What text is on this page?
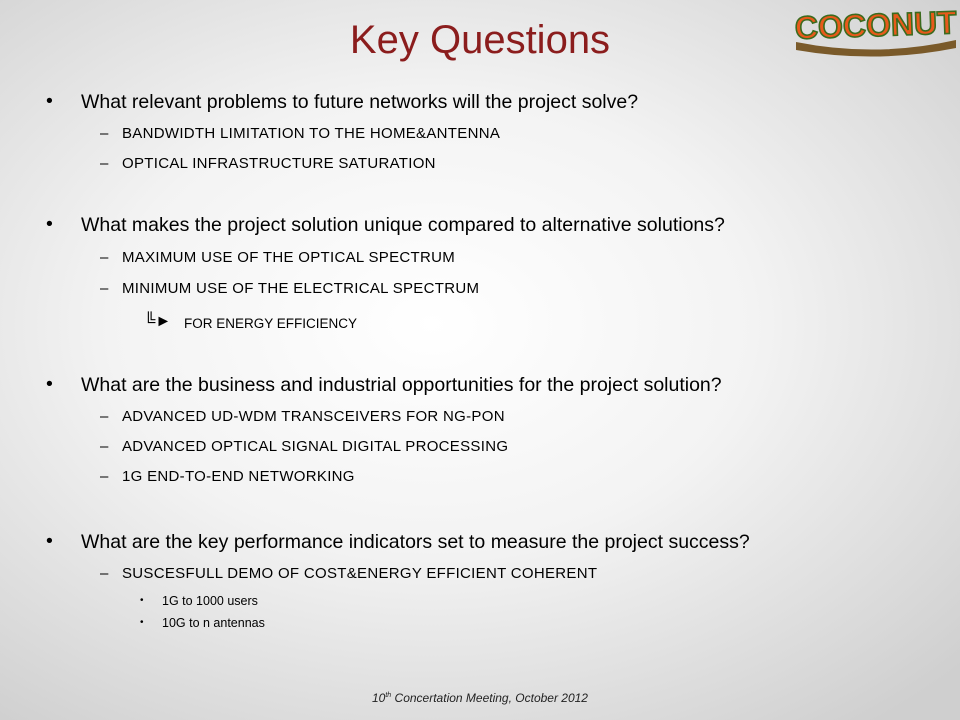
Key Questions	COCONUT
• What relevant problems to future networks will the project solve?
– BANDWIDTH LIMITATION TO THE HOME&ANTENNA
– OPTICAL INFRASTRUCTURE SATURATION
• What makes the project solution unique compared to alternative solutions?
– MAXIMUM USE OF THE OPTICAL SPECTRUM
– MINIMUM USE OF THE ELECTRICAL SPECTRUM
╚► FOR ENERGY EFFICIENCY
• What are the business and industrial opportunities for the project solution?
– ADVANCED UD-WDM TRANSCEIVERS FOR NG-PON
– ADVANCED OPTICAL SIGNAL DIGITAL PROCESSING
– 1G END-TO-END NETWORKING
• What are the key performance indicators set to measure the project success?
– SUSCESFULL DEMO OF COST&ENERGY EFFICIENT COHERENT
• 1G to 1000 users
• 10G to n antennas
10th Concertation Meeting, October 2012
